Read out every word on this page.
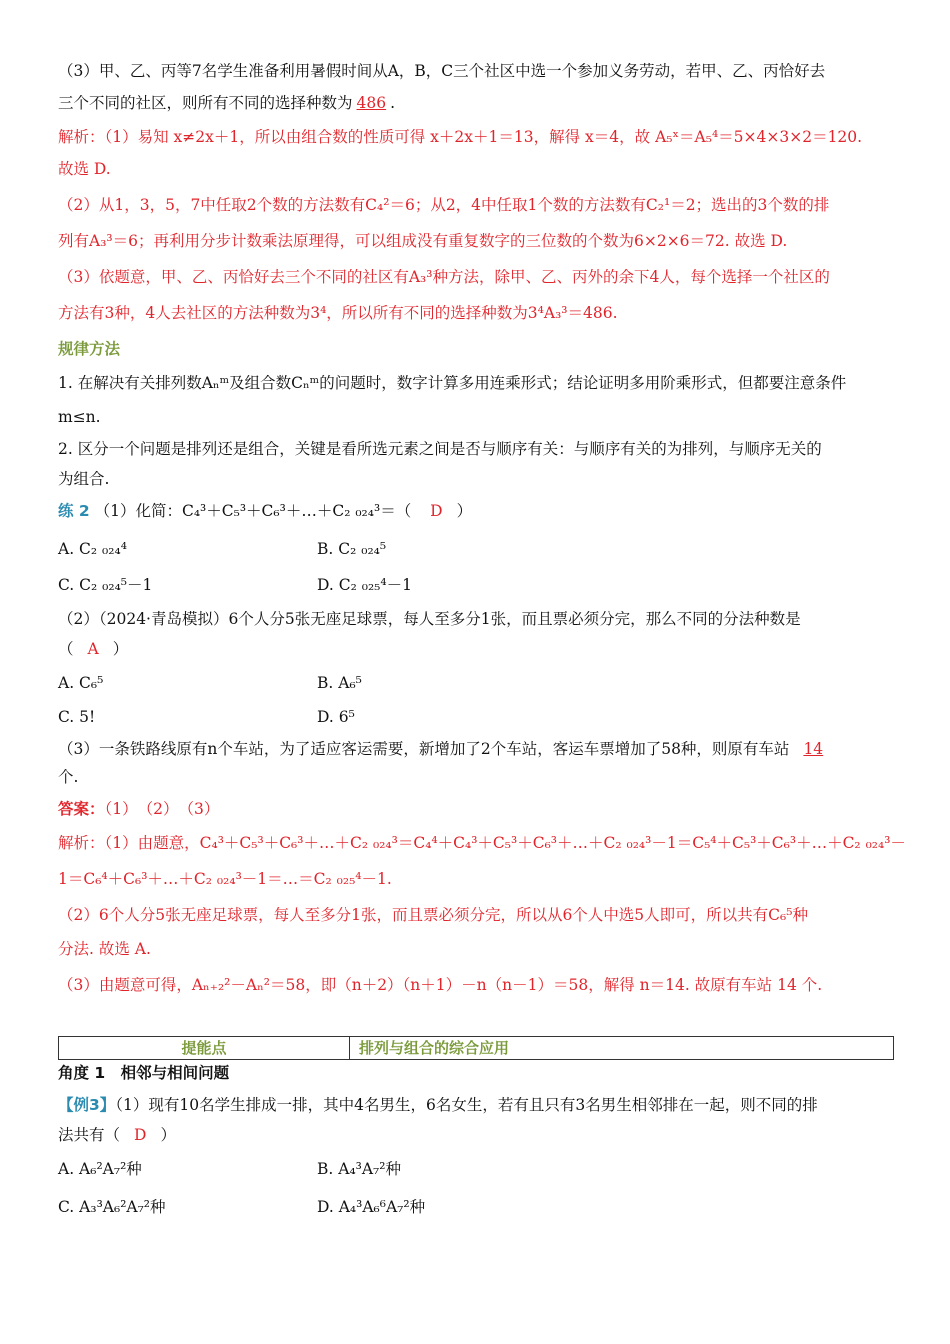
（3）甲、乙、丙等7名学生准备利用暑假时间从A，B，C三个社区中选一个参加义务劳动，若甲、乙、丙恰好去
三个不同的社区，则所有不同的选择种数为 486 .
解析：（1）易知 x≠2x＋1，所以由组合数的性质可得 x＋2x＋1＝13，解得 x＝4，故 A₅ˣ＝A₅⁴＝5×4×3×2＝120.
故选 D.
（2）从1，3，5，7中任取2个数的方法数有C₄²＝6；从2，4中任取1个数的方法数有C₂¹＝2；选出的3个数的排
列有A₃³＝6；再利用分步计数乘法原理得，可以组成没有重复数字的三位数的个数为6×2×6＝72. 故选 D.
（3）依题意，甲、乙、丙恰好去三个不同的社区有A₃³种方法，除甲、乙、丙外的余下4人，每个选择一个社区的
方法有3种，4人去社区的方法种数为3⁴，所以所有不同的选择种数为3⁴A₃³＝486.
规律方法
1. 在解决有关排列数Aₙᵐ及组合数Cₙᵐ的问题时，数字计算多用连乘形式；结论证明多用阶乘形式，但都要注意条件
m≤n.
2. 区分一个问题是排列还是组合，关键是看所选元素之间是否与顺序有关：与顺序有关的为排列，与顺序无关的
为组合.
练 2 （1）化简：C₄³＋C₅³＋C₆³＋…＋C₂ ₀₂₄³＝（ D ）
A. C₂ ₀₂₄⁴	B. C₂ ₀₂₄⁵
C. C₂ ₀₂₄⁵－1	D. C₂ ₀₂₅⁴－1
（2）（2024·青岛模拟）6个人分5张无座足球票，每人至多分1张，而且票必须分完，那么不同的分法种数是
（ A ）
A. C₆⁵	B. A₆⁵
C. 5!	D. 6⁵
（3）一条铁路线原有n个车站，为了适应客运需要，新增加了2个车站，客运车票增加了58种，则原有车站 14
个.
答案：（1）　（2）　（3）
解析：（1）由题意，C₄³＋C₅³＋C₆³＋…＋C₂ ₀₂₄³＝C₄⁴＋C₄³＋C₅³＋C₆³＋…＋C₂ ₀₂₄³－1＝C₅⁴＋C₅³＋C₆³＋…＋C₂ ₀₂₄³－
1＝C₆⁴＋C₆³＋…＋C₂ ₀₂₄³－1＝…＝C₂ ₀₂₅⁴－1.
（2）6个人分5张无座足球票，每人至多分1张，而且票必须分完，所以从6个人中选5人即可，所以共有C₆⁵种
分法. 故选 A.
（3）由题意可得，Aₙ₊₂²－Aₙ²＝58，即（n＋2）（n＋1）－n（n－1）＝58，解得 n＝14. 故原有车站 14 个.
提能点	排列与组合的综合应用
角度 1　相邻与相间问题
【例3】（1）现有10名学生排成一排，其中4名男生，6名女生，若有且只有3名男生相邻排在一起，则不同的排
法共有（ D ）
A. A₆²A₇²种	B. A₄³A₇²种
C. A₃³A₆²A₇²种	D. A₄³A₆⁶A₇²种
